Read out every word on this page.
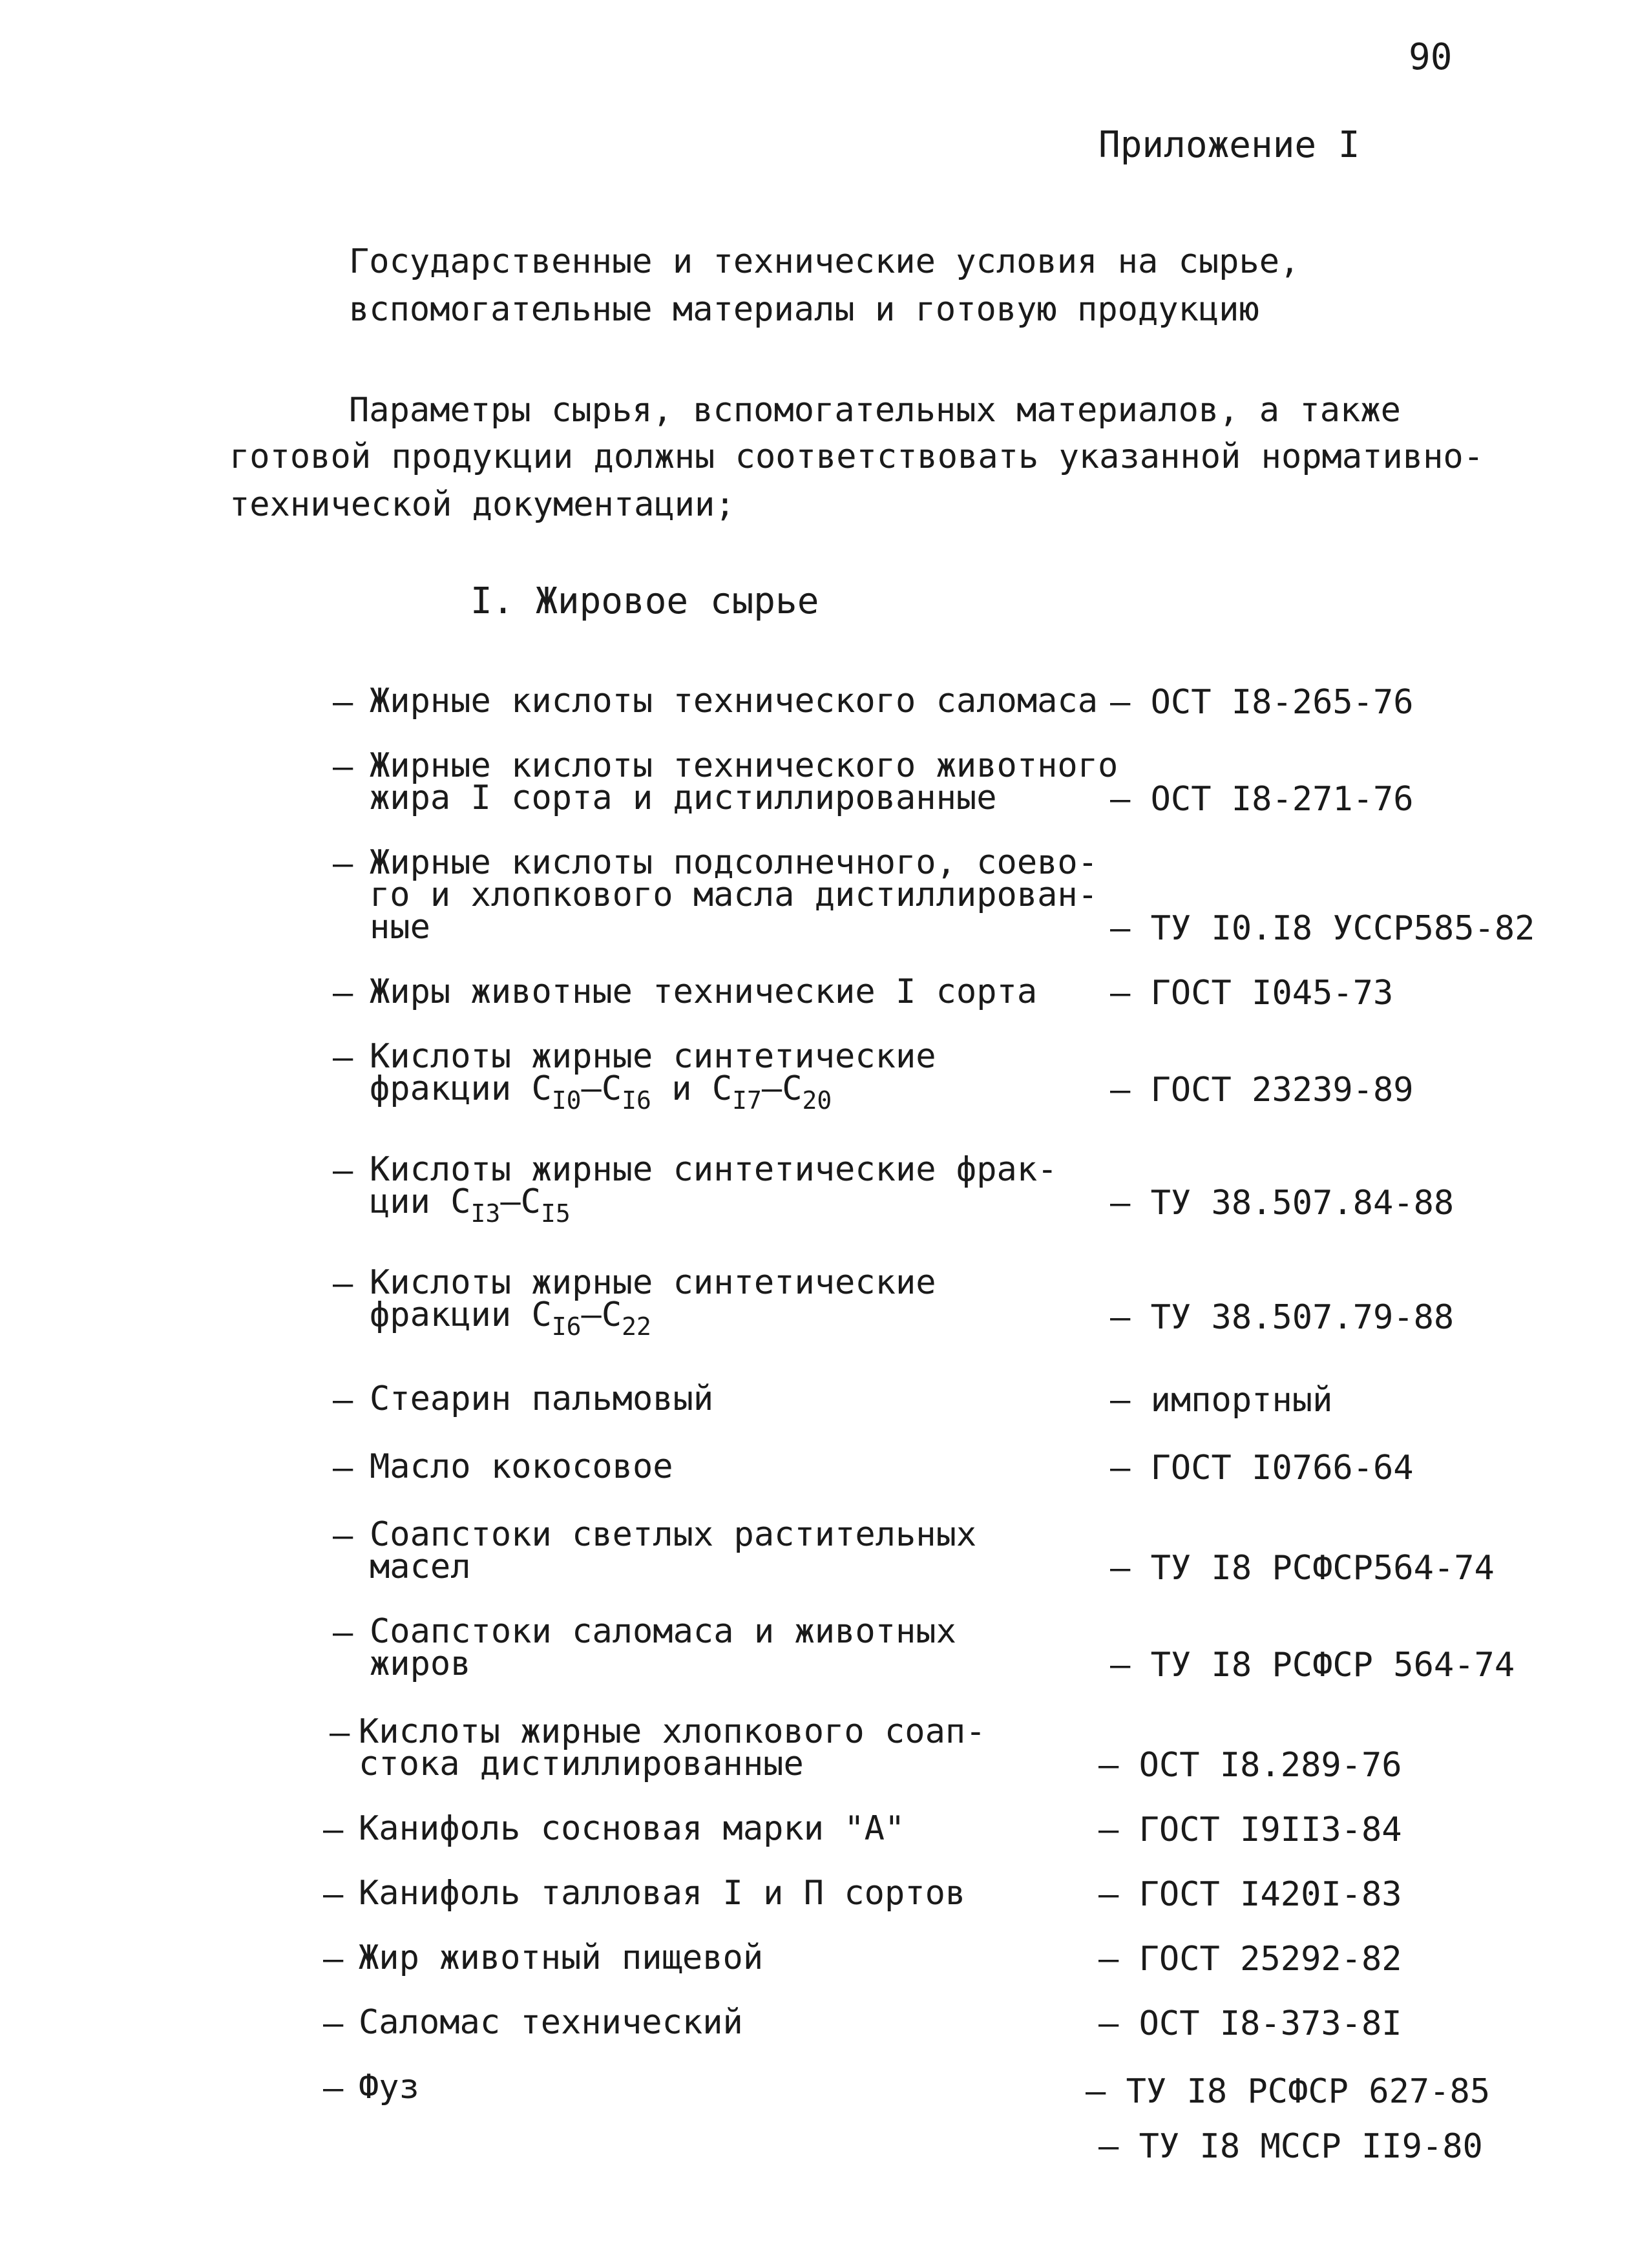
90
Приложение I
Государственные и технические условия на сырье,
вспомогательные материалы и готовую продукцию
Параметры сырья, вспомогательных материалов, а также
готовой продукции должны соответствовать указанной нормативно-
технической документации;
I. Жировое сырье
– Жирные кислоты технического саломаса – ОСТ I8-265-76
– Жирные кислоты технического животного
жира I сорта и дистиллированные	– ОСТ I8-271-76
– Жирные кислоты подсолнечного, соево-
го и хлопкового масла дистиллирован-
ные	– ТУ I0.I8 УССР585-82
– Жиры животные технические I сорта – ГОСТ I045-73
– Кислоты жирные синтетические
фракции $C_{I0}-C_{I6}$ и $C_{I7}-C_{20}$	– ГОСТ 23239-89
– Кислоты жирные синтетические фрак-
ции $C_{I3}-C_{I5}$	– ТУ 38.507.84-88
– Кислоты жирные синтетические
фракции $C_{I6}-C_{22}$	– ТУ 38.507.79-88
– Стеарин пальмовый	– импортный
– Масло кокосовое	– ГОСТ I0766-64
– Соапстоки светлых растительных
масел	– ТУ I8 РСФСР564-74
– Соапстоки саломаса и животных
жиров	– ТУ I8 РСФСР 564-74
– Кислоты жирные хлопкового соап-
стока дистиллированные	– ОСТ I8.289-76
– Канифоль сосновая марки "А"	– ГОСТ I9II3-84
– Канифоль талловая I и П сортов	– ГОСТ I420I-83
– Жир животный пищевой	– ГОСТ 25292-82
– Саломас технический	– ОСТ I8-373-8I
– Фуз	– ТУ I8 РСФСР 627-85
– ТУ I8 МССР II9-80
